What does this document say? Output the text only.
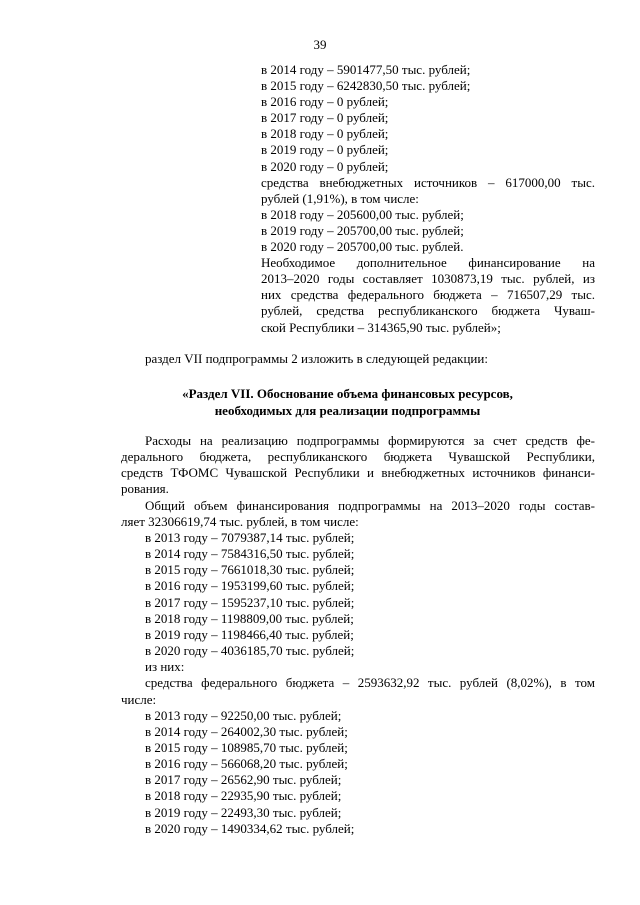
39
в 2014 году – 5901477,50 тыс. рублей;
в 2015 году – 6242830,50 тыс. рублей;
в 2016 году – 0 рублей;
в 2017 году – 0 рублей;
в 2018 году – 0 рублей;
в 2019 году – 0 рублей;
в 2020 году – 0 рублей;
средства внебюджетных источников – 617000,00 тыс.
рублей (1,91%), в том числе:
в 2018 году – 205600,00 тыс. рублей;
в 2019 году – 205700,00 тыс. рублей;
в 2020 году – 205700,00 тыс. рублей.
Необходимое дополнительное финансирование на
2013–2020 годы составляет 1030873,19 тыс. рублей, из
них средства федерального бюджета – 716507,29 тыс.
рублей, средства республиканского бюджета Чуваш-
ской Республики – 314365,90 тыс. рублей»;
раздел VII подпрограммы 2 изложить в следующей редакции:
«Раздел VII. Обоснование объема финансовых ресурсов,
необходимых для реализации подпрограммы
Расходы на реализацию подпрограммы формируются за счет средств фе-
дерального бюджета, республиканского бюджета Чувашской Республики,
средств ТФОМС Чувашской Республики и внебюджетных источников финанси-
рования.
Общий объем финансирования подпрограммы на 2013–2020 годы состав-
ляет 32306619,74 тыс. рублей, в том числе:
в 2013 году – 7079387,14 тыс. рублей;
в 2014 году – 7584316,50 тыс. рублей;
в 2015 году – 7661018,30 тыс. рублей;
в 2016 году – 1953199,60 тыс. рублей;
в 2017 году – 1595237,10 тыс. рублей;
в 2018 году – 1198809,00 тыс. рублей;
в 2019 году – 1198466,40 тыс. рублей;
в 2020 году – 4036185,70 тыс. рублей;
из них:
средства федерального бюджета – 2593632,92 тыс. рублей (8,02%), в том
числе:
в 2013 году – 92250,00 тыс. рублей;
в 2014 году – 264002,30 тыс. рублей;
в 2015 году – 108985,70 тыс. рублей;
в 2016 году – 566068,20 тыс. рублей;
в 2017 году – 26562,90 тыс. рублей;
в 2018 году – 22935,90 тыс. рублей;
в 2019 году – 22493,30 тыс. рублей;
в 2020 году – 1490334,62 тыс. рублей;
